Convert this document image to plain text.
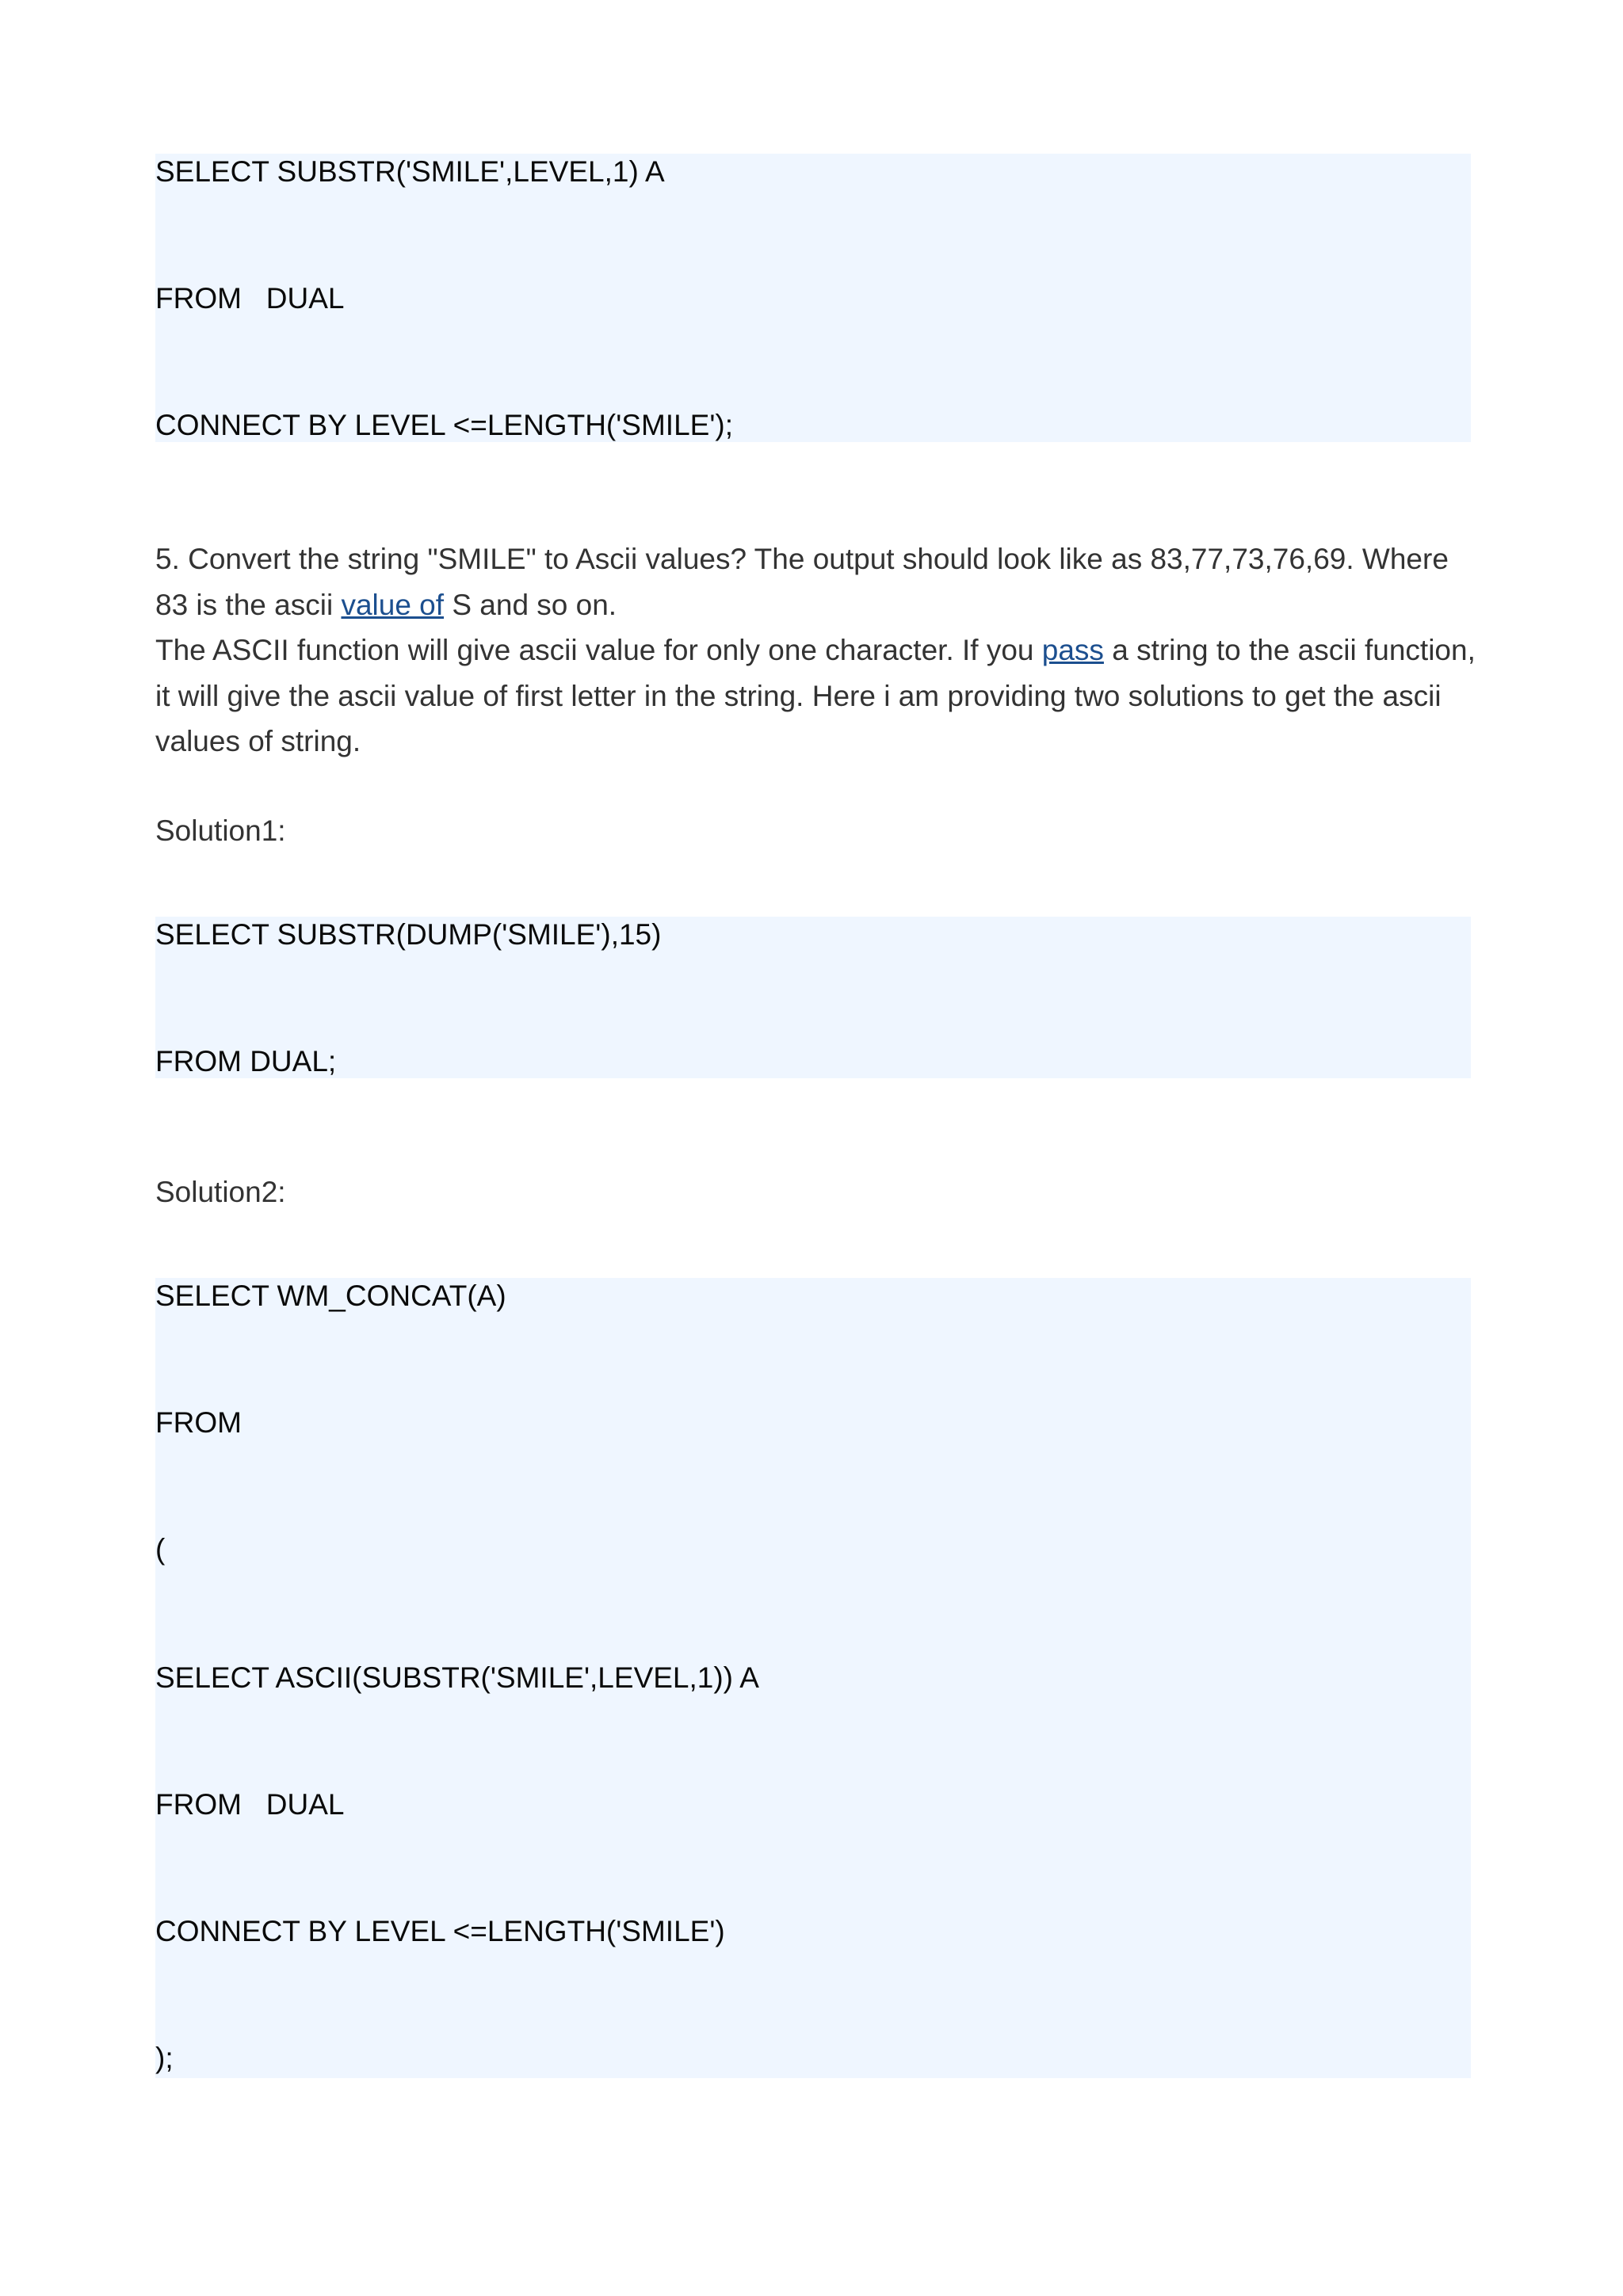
SELECT SUBSTR('SMILE',LEVEL,1) A
FROM   DUAL
CONNECT BY LEVEL <=LENGTH('SMILE');
5. Convert the string "SMILE" to Ascii values? The output should look like as 83,77,73,76,69. Where 83 is the ascii value of S and so on.
The ASCII function will give ascii value for only one character. If you pass a string to the ascii function, it will give the ascii value of first letter in the string. Here i am providing two solutions to get the ascii values of string.
Solution1:
SELECT SUBSTR(DUMP('SMILE'),15)
FROM DUAL;
Solution2:
SELECT WM_CONCAT(A)
FROM
(
SELECT ASCII(SUBSTR('SMILE',LEVEL,1)) A
FROM   DUAL
CONNECT BY LEVEL <=LENGTH('SMILE')
);
